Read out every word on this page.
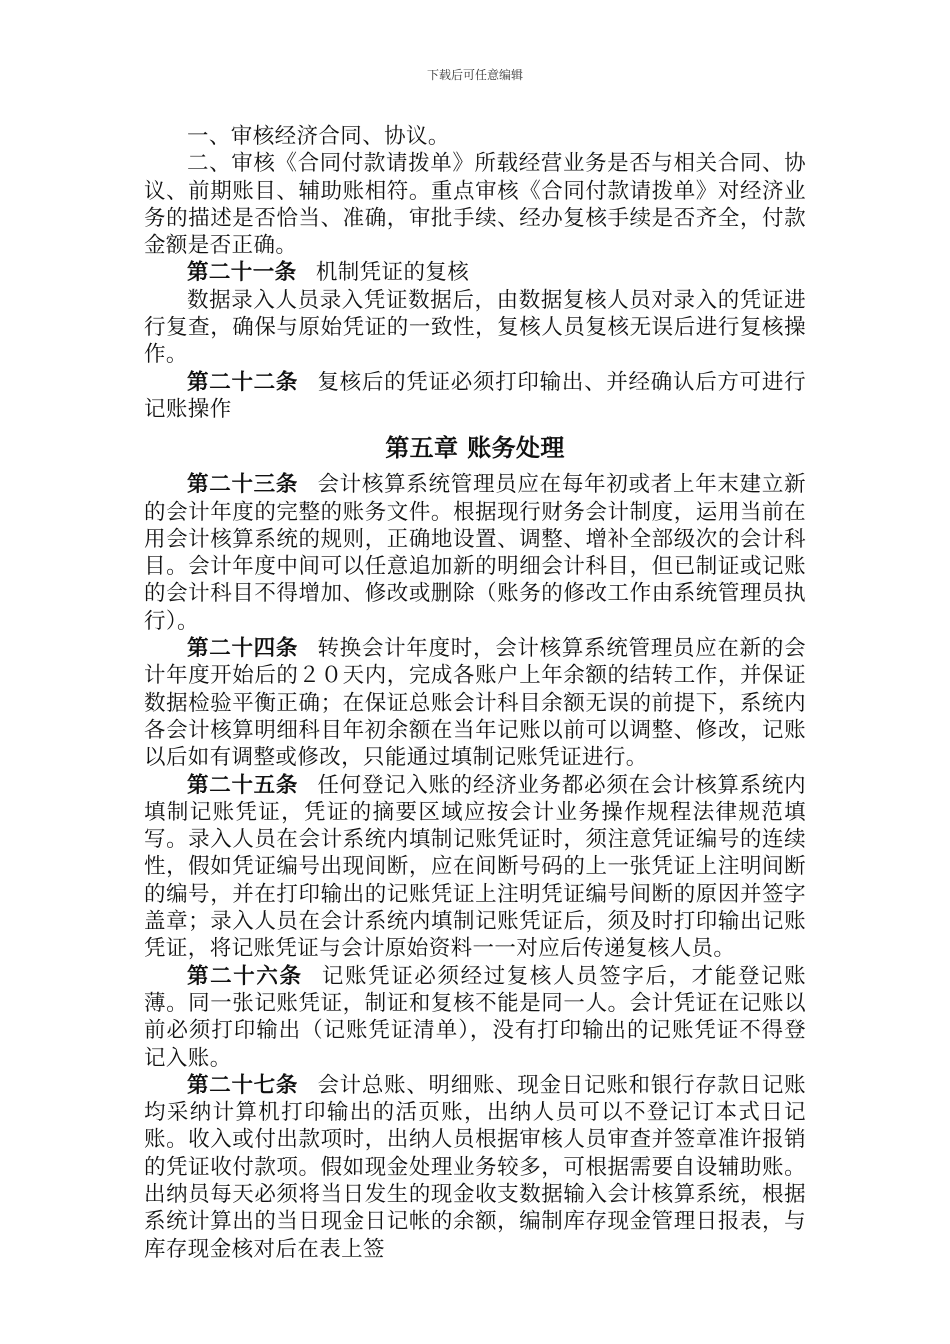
下载后可任意编辑

一、审核经济合同、协议。

二、审核《合同付款请拨单》所载经营业务是否与相关合同、协议、前期账目、辅助账相符。重点审核《合同付款请拨单》对经济业务的描述是否恰当、准确，审批手续、经办复核手续是否齐全，付款金额是否正确。

第二十一条 机制凭证的复核

数据录入人员录入凭证数据后，由数据复核人员对录入的凭证进行复查，确保与原始凭证的一致性，复核人员复核无误后进行复核操作。

第二十二条 复核后的凭证必须打印输出、并经确认后方可进行记账操作

第五章 账务处理

第二十三条 会计核算系统管理员应在每年初或者上年末建立新的会计年度的完整的账务文件。根据现行财务会计制度，运用当前在用会计核算系统的规则，正确地设置、调整、增补全部级次的会计科目。会计年度中间可以任意追加新的明细会计科目，但已制证或记账的会计科目不得增加、修改或删除（账务的修改工作由系统管理员执行）。

第二十四条 转换会计年度时，会计核算系统管理员应在新的会计年度开始后的２０天内，完成各账户上年余额的结转工作，并保证数据检验平衡正确；在保证总账会计科目余额无误的前提下，系统内各会计核算明细科目年初余额在当年记账以前可以调整、修改，记账以后如有调整或修改，只能通过填制记账凭证进行。

第二十五条 任何登记入账的经济业务都必须在会计核算系统内填制记账凭证，凭证的摘要区域应按会计业务操作规程法律规范填写。录入人员在会计系统内填制记账凭证时，须注意凭证编号的连续性，假如凭证编号出现间断，应在间断号码的上一张凭证上注明间断的编号，并在打印输出的记账凭证上注明凭证编号间断的原因并签字盖章；录入人员在会计系统内填制记账凭证后，须及时打印输出记账凭证，将记账凭证与会计原始资料一一对应后传递复核人员。

第二十六条 记账凭证必须经过复核人员签字后，才能登记账薄。同一张记账凭证，制证和复核不能是同一人。会计凭证在记账以前必须打印输出（记账凭证清单），没有打印输出的记账凭证不得登记入账。

第二十七条 会计总账、明细账、现金日记账和银行存款日记账均采纳计算机打印输出的活页账，出纳人员可以不登记订本式日记账。收入或付出款项时，出纳人员根据审核人员审查并签章准许报销的凭证收付款项。假如现金处理业务较多，可根据需要自设辅助账。出纳员每天必须将当日发生的现金收支数据输入会计核算系统，根据系统计算出的当日现金日记帐的余额，编制库存现金管理日报表，与库存现金核对后在表上签
